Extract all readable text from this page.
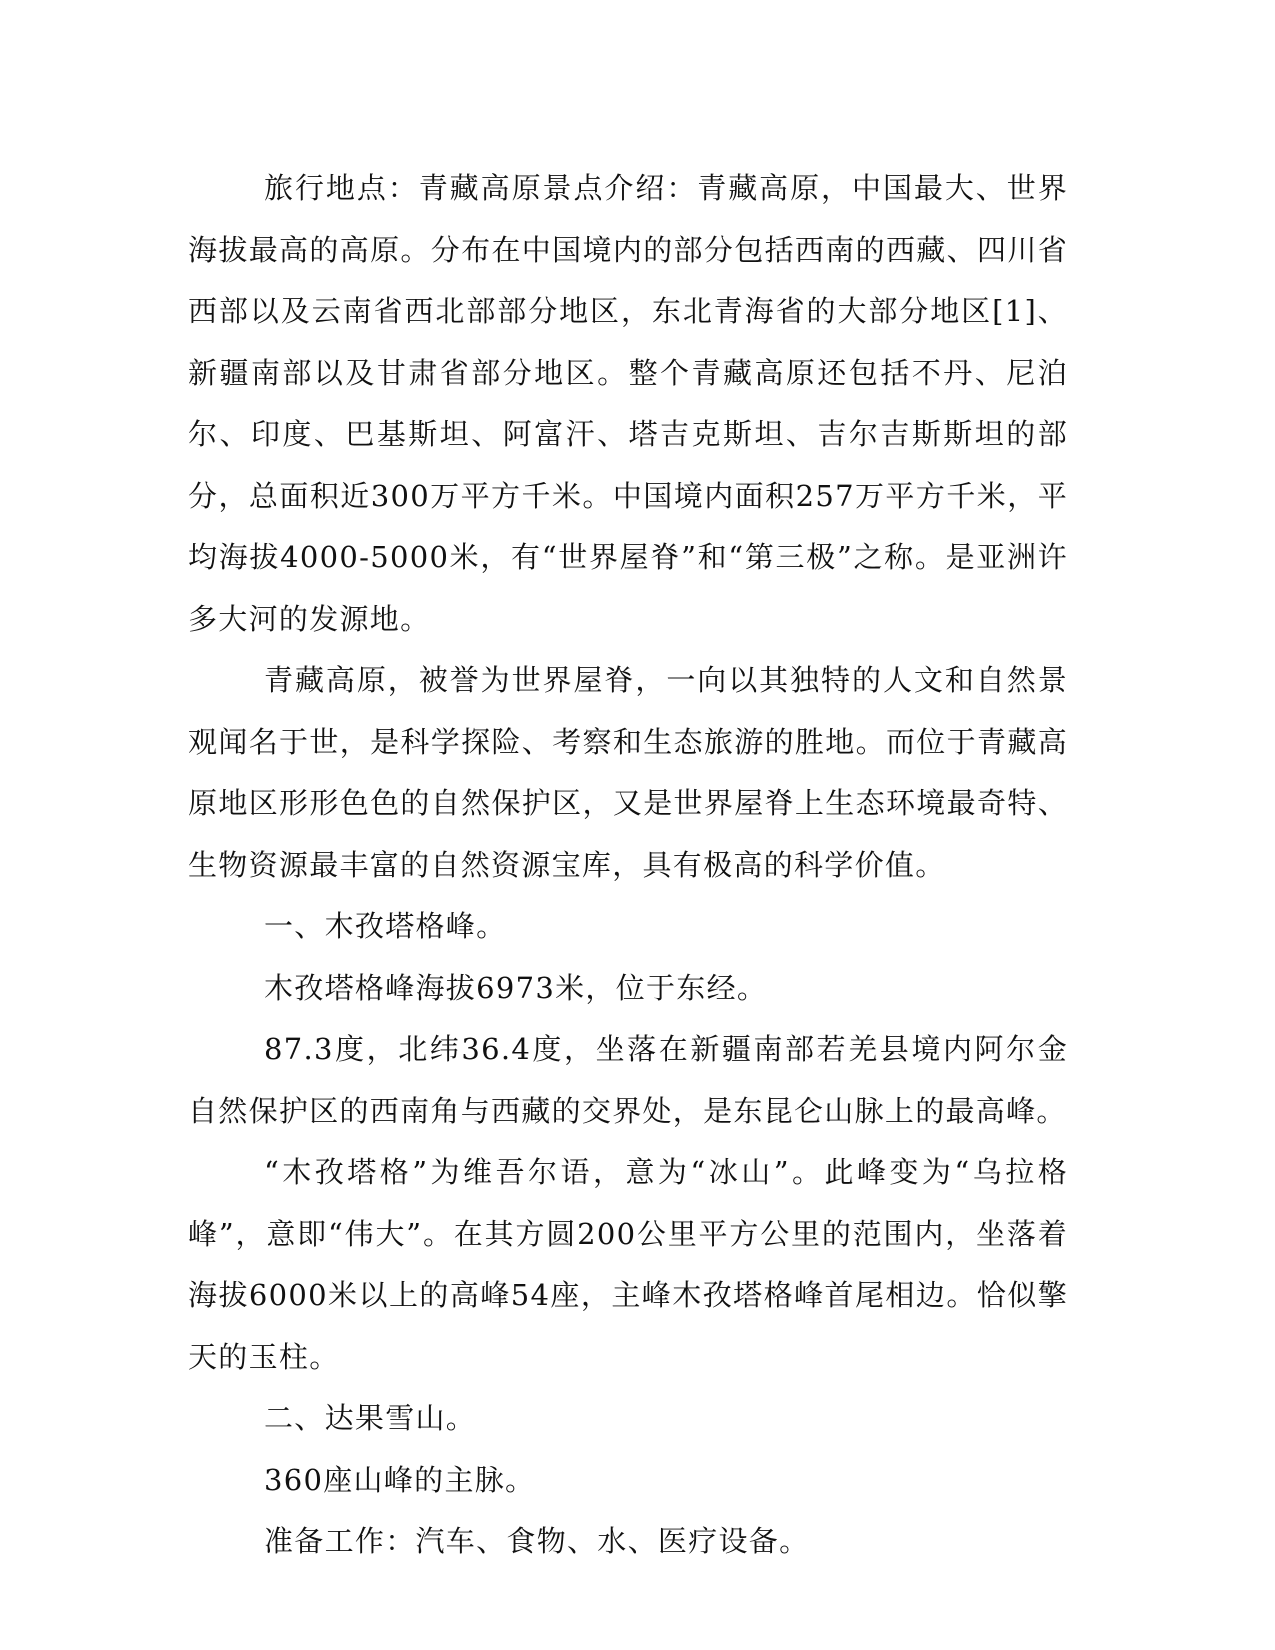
旅行地点：青藏高原景点介绍：青藏高原，中国最大、世界海拔最高的高原。分布在中国境内的部分包括西南的西藏、四川省西部以及云南省西北部部分地区，东北青海省的大部分地区[1]、新疆南部以及甘肃省部分地区。整个青藏高原还包括不丹、尼泊尔、印度、巴基斯坦、阿富汗、塔吉克斯坦、吉尔吉斯斯坦的部分，总面积近300万平方千米。中国境内面积257万平方千米，平均海拔4000-5000米，有“世界屋脊”和“第三极”之称。是亚洲许多大河的发源地。

青藏高原，被誉为世界屋脊，一向以其独特的人文和自然景观闻名于世，是科学探险、考察和生态旅游的胜地。而位于青藏高原地区形形色色的自然保护区，又是世界屋脊上生态环境最奇特、生物资源最丰富的自然资源宝库，具有极高的科学价值。

一、木孜塔格峰。

木孜塔格峰海拔6973米，位于东经。

87.3度，北纬36.4度，坐落在新疆南部若羌县境内阿尔金自然保护区的西南角与西藏的交界处，是东昆仑山脉上的最高峰。

“木孜塔格”为维吾尔语，意为“冰山”。此峰变为“乌拉格峰”，意即“伟大”。在其方圆200公里平方公里的范围内，坐落着海拔6000米以上的高峰54座，主峰木孜塔格峰首尾相边。恰似擎天的玉柱。

二、达果雪山。

360座山峰的主脉。

准备工作：汽车、食物、水、医疗设备。
